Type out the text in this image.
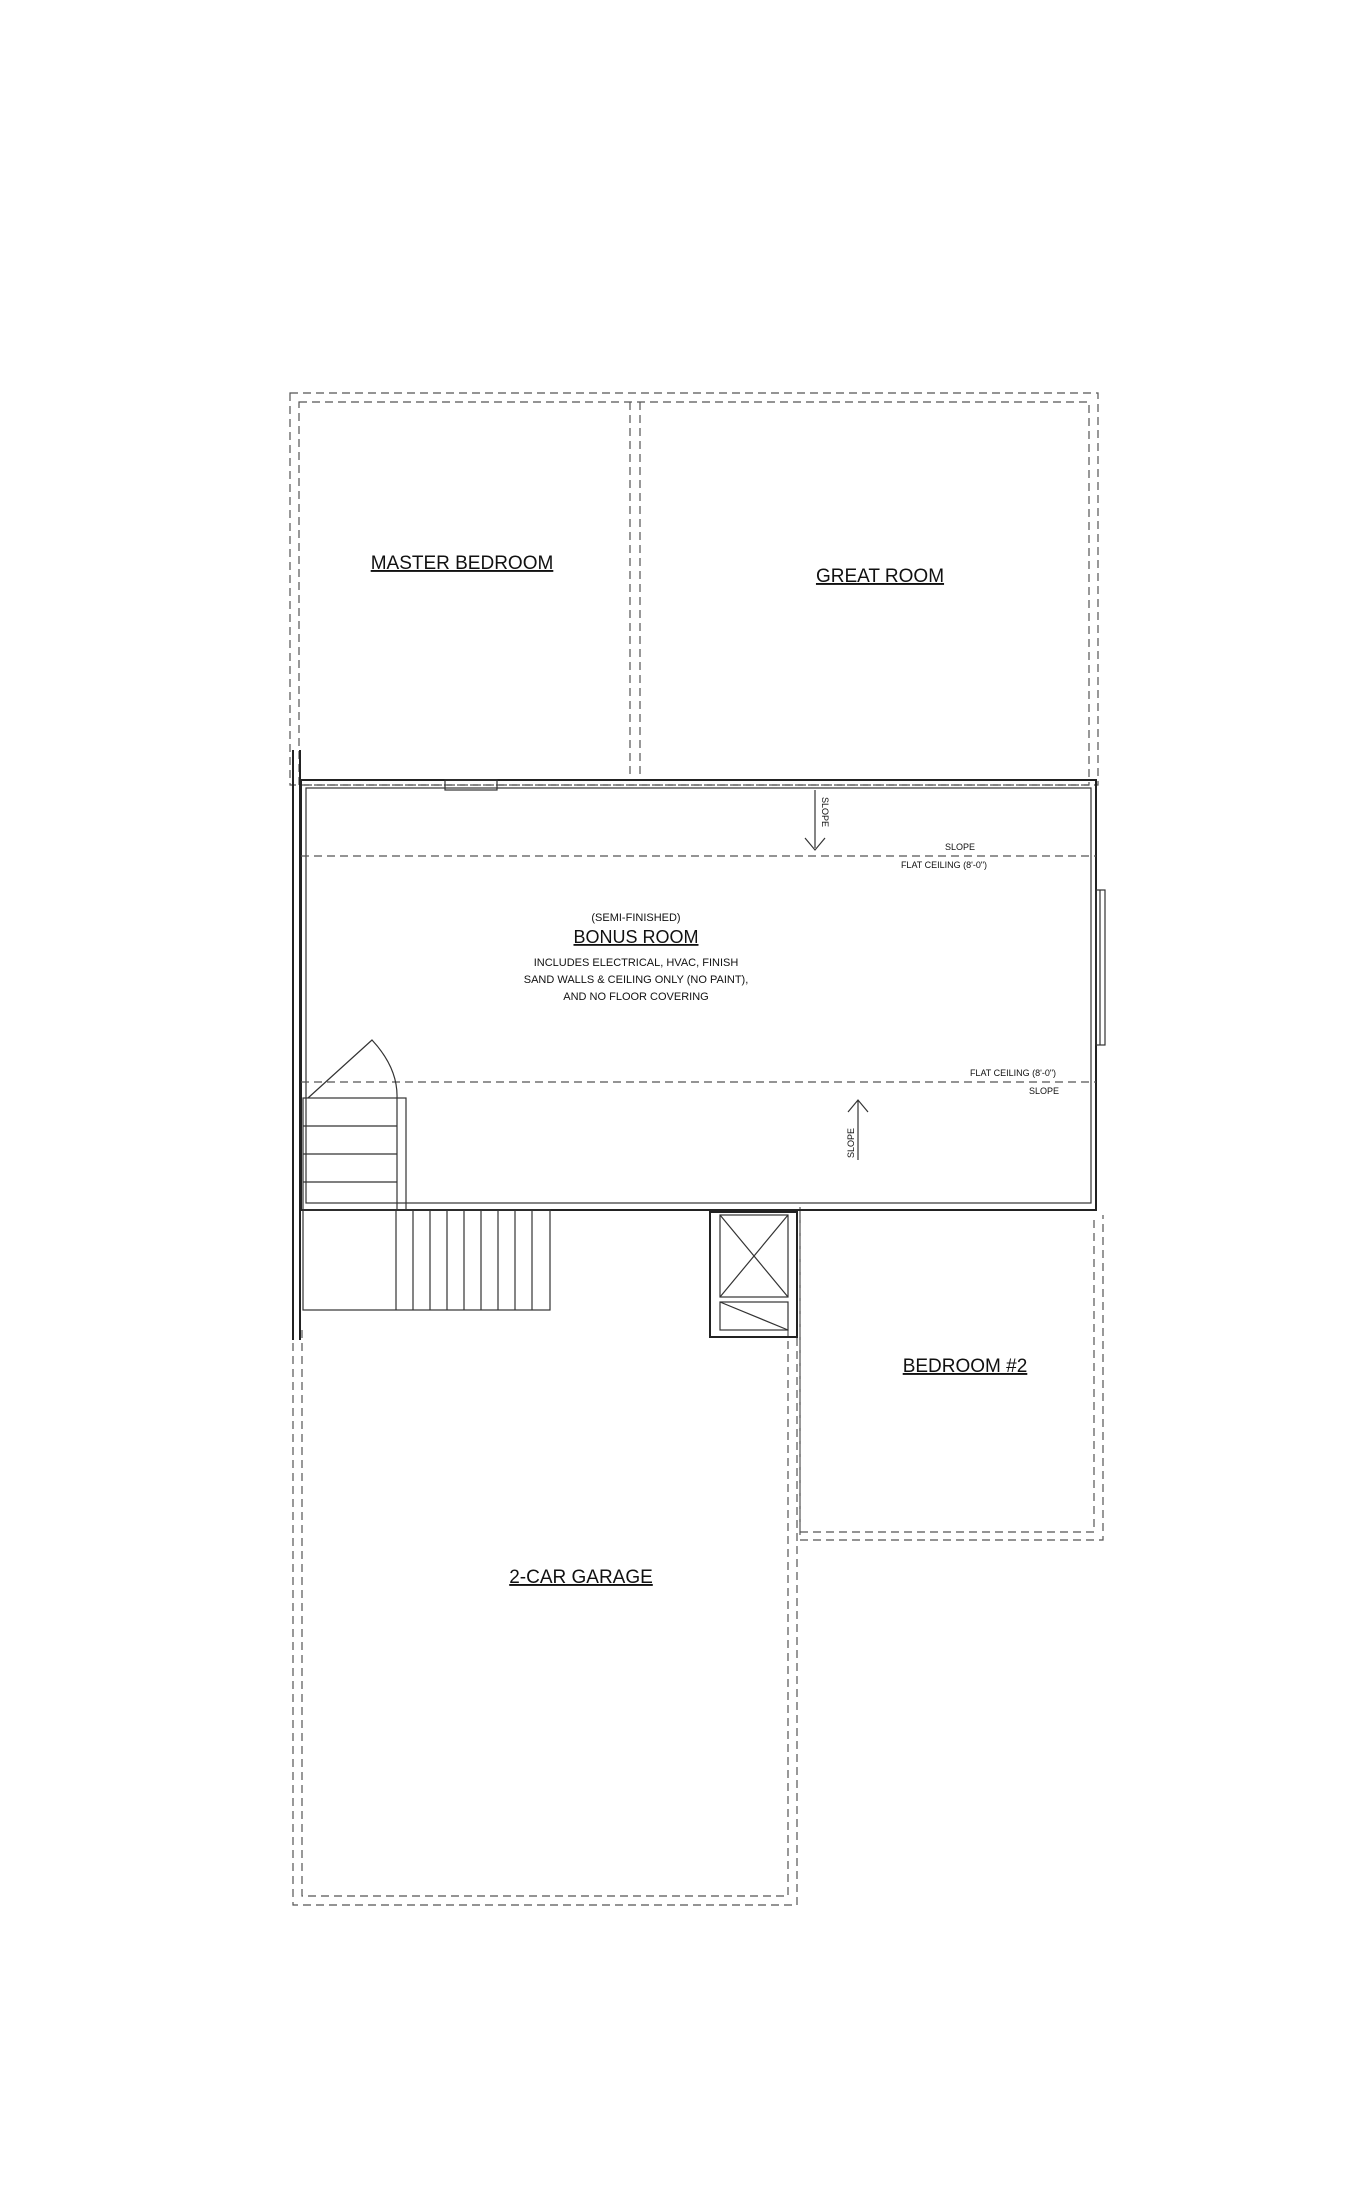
MASTER BEDROOM
GREAT ROOM
BEDROOM #2
2-CAR GARAGE
(SEMI-FINISHED)
BONUS ROOM
INCLUDES ELECTRICAL, HVAC, FINISH
SAND WALLS & CEILING ONLY (NO PAINT),
AND NO FLOOR COVERING
SLOPE
SLOPE
FLAT CEILING (8'-0")
FLAT CEILING (8'-0")
SLOPE
SLOPE
